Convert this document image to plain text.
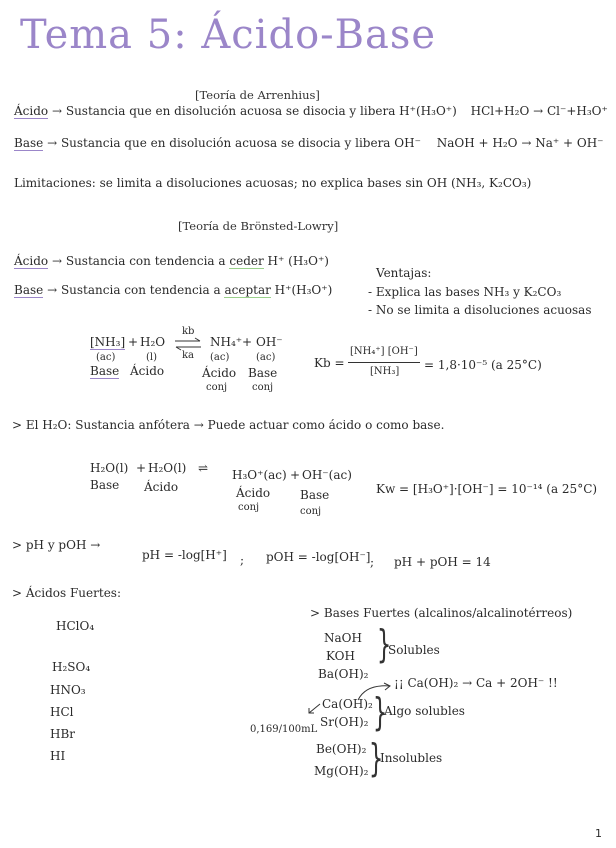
Tema 5: Ácido-Base
[Teoría de Arrenhius]
Ácido → Sustancia que en disolución acuosa se disocia y libera H⁺(H₃O⁺) HCl+H₂O → Cl⁻+H₃O⁺
Base → Sustancia que en disolución acuosa se disocia y libera OH⁻ NaOH + H₂O → Na⁺ + OH⁻
Limitaciones: se limita a disoluciones acuosas; no explica bases sin OH (NH₃, K₂CO₃)
[Teoría de Brönsted-Lowry]
Ácido → Sustancia con tendencia a ceder H⁺ (H₃O⁺)
Base → Sustancia con tendencia a aceptar H⁺(H₃O⁺)
Ventajas:
- Explica las bases NH₃ y K₂CO₃
- No se limita a disoluciones acuosas
[NH₃] + H₂O
(ac)	(l)
Base Ácido
kb
ka
NH₄⁺ + OH⁻
(ac)	(ac)
Ácido
conj
Base
conj
Kb =
[NH₄⁺] [OH⁻]
[NH₃] = 1,8·10⁻⁵ (a 25°C)
> El H₂O: Sustancia anfótera → Puede actuar como ácido o como base.
H₂O(l) + H₂O(l)
Base Ácido
⇌ H₃O⁺(ac) + OH⁻(ac)
Ácido
conj
Base
conj
Kw = [H₃O⁺]·[OH⁻] = 10⁻¹⁴ (a 25°C)
> pH y pOH →
pH = -log[H⁺] ; pOH = -log[OH⁻] ; pH + pOH = 14
> Ácidos Fuertes:
HClO₄
H₂SO₄
HNO₃
HCl
HBr
HI
> Bases Fuertes (alcalinos/alcalinotérreos)
NaOH
KOH
Ba(OH)₂
}
Solubles
¡¡ Ca(OH)₂ → Ca + 2OH⁻ !!
Ca(OH)₂
Sr(OH)₂ }
Algo solubles
0,169/100mL
Be(OH)₂
Mg(OH)₂ }
Insolubles
1
